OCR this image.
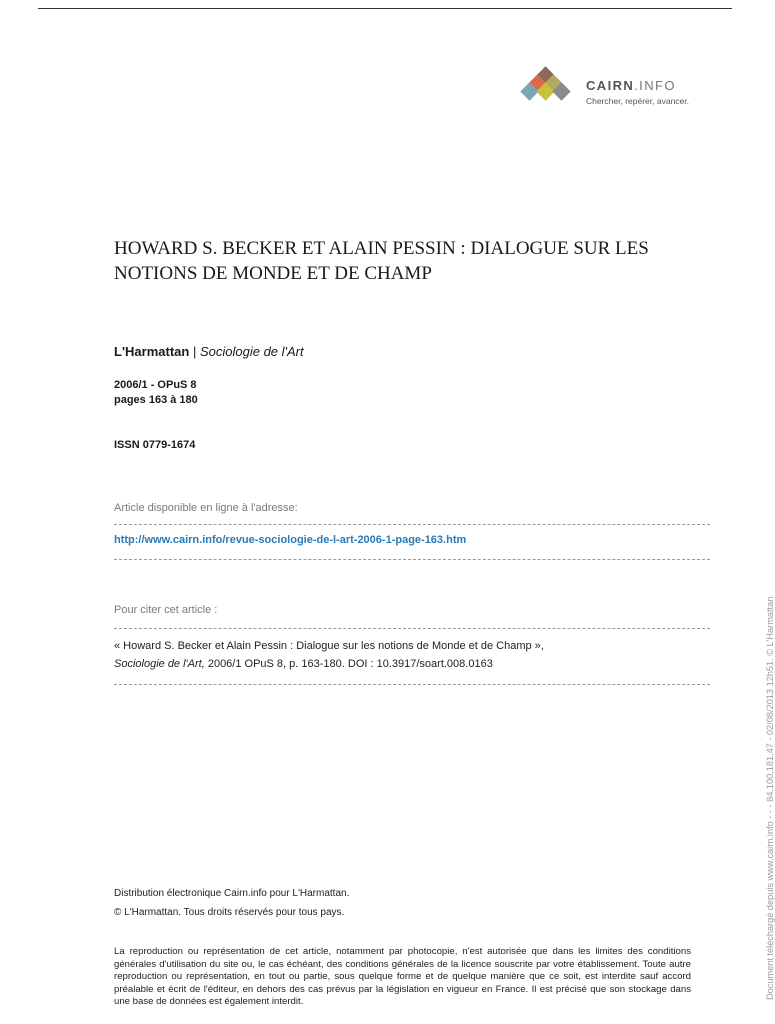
CAIRN.INFO
Chercher, repérer, avancer.
HOWARD S. BECKER ET ALAIN PESSIN : DIALOGUE SUR LES
NOTIONS DE MONDE ET DE CHAMP
L'Harmattan | Sociologie de l'Art
2006/1 - OPuS 8
pages 163 à 180
ISSN 0779-1674
Article disponible en ligne à l'adresse:
http://www.cairn.info/revue-sociologie-de-l-art-2006-1-page-163.htm
Pour citer cet article :
« Howard S. Becker et Alain Pessin : Dialogue sur les notions de Monde et de Champ »,
Sociologie de l'Art, 2006/1 OPuS 8, p. 163-180. DOI : 10.3917/soart.008.0163
Distribution électronique Cairn.info pour L'Harmattan.
© L'Harmattan. Tous droits réservés pour tous pays.
La reproduction ou représentation de cet article, notamment par photocopie, n'est autorisée que dans les limites des conditions générales d'utilisation du site ou, le cas échéant, des conditions générales de la licence souscrite par votre établissement. Toute autre reproduction ou représentation, en tout ou partie, sous quelque forme et de quelque manière que ce soit, est interdite sauf accord préalable et écrit de l'éditeur, en dehors des cas prévus par la législation en vigueur en France. Il est précisé que son stockage dans une base de données est également interdit.
Document téléchargé depuis www.cairn.info - - - 84.100.181.47 - 02/08/2013 12h51. © L'Harmattan
